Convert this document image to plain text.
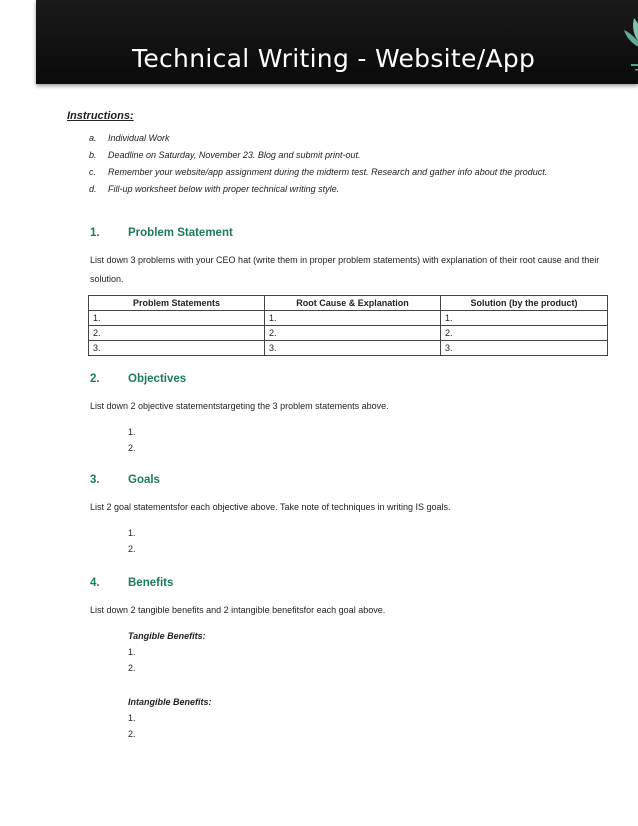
Technical Writing - Website/App
Instructions:
a.	Individual Work
b.	Deadline on Saturday, November 23. Blog and submit print-out.
c.	Remember your website/app assignment during the midterm test. Research and gather info about the product.
d.	Fill-up worksheet below with proper technical writing style.
1. Problem Statement
List down 3 problems with your CEO hat (write them in proper problem statements) with explanation of their root cause and their solution.
Problem Statements	Root Cause & Explanation	Solution (by the product)
1.	1.	1.
2.	2.	2.
3.	3.	3.
2. Objectives
List down 2 objective statementstargeting the 3 problem statements above.
1.
2.
3. Goals
List 2 goal statementsfor each objective above. Take note of techniques in writing IS goals.
1.
2.
4. Benefits
List down 2 tangible benefits and 2 intangible benefitsfor each goal above.
Tangible Benefits:
1.
2.
Intangible Benefits:
1.
2.
